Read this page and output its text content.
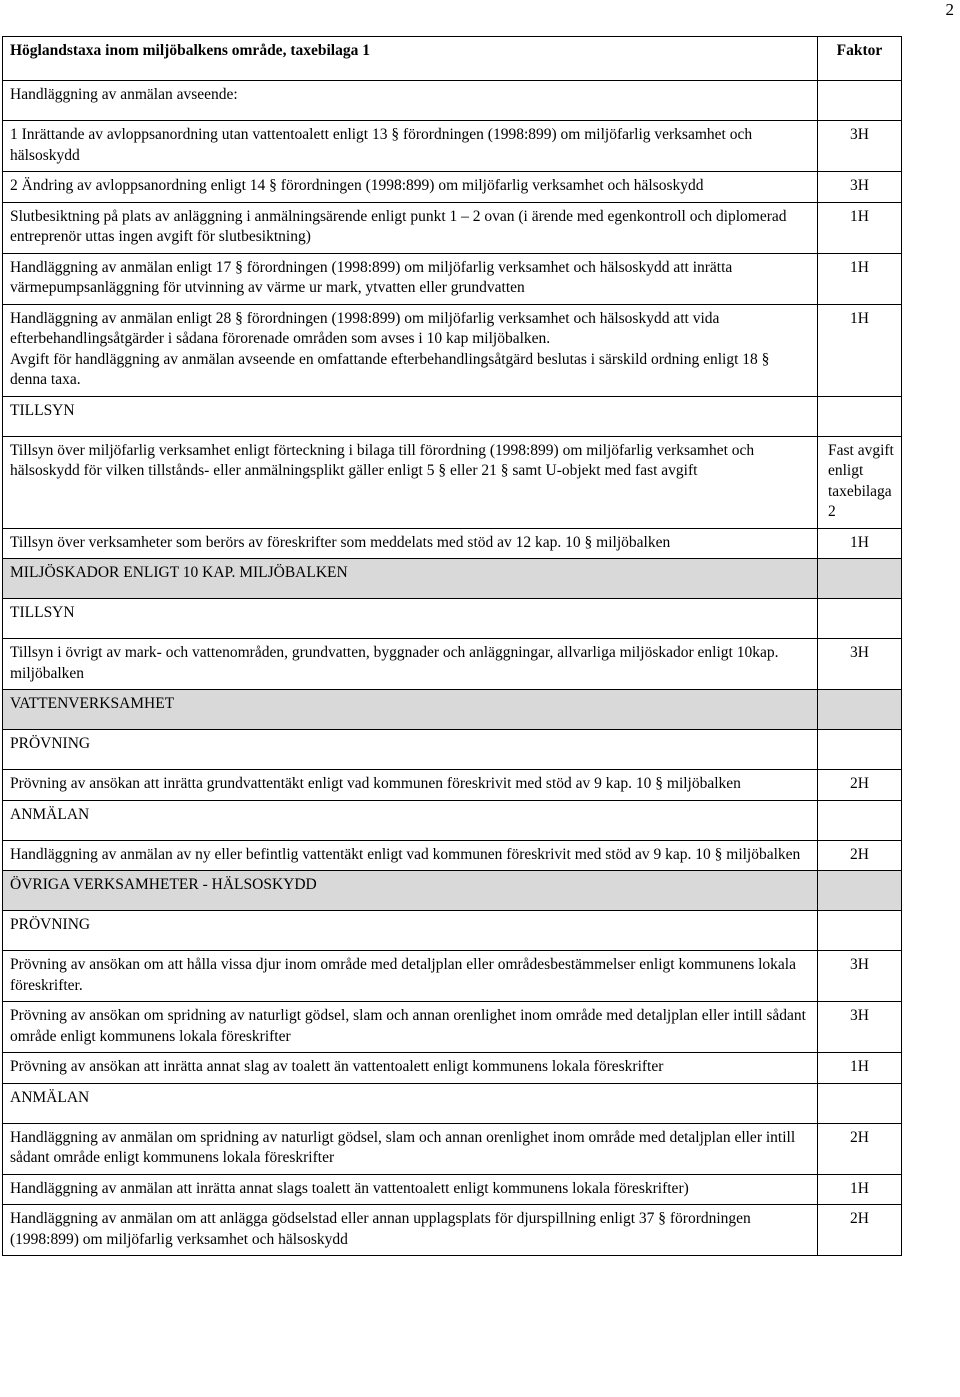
2
Höglandstaxa inom miljöbalkens område, taxebilaga 1	Faktor
Handläggning av anmälan avseende:	
1 Inrättande av avloppsanordning utan vattentoalett enligt 13 § förordningen (1998:899) om miljöfarlig verksamhet och hälsoskydd	3H
2 Ändring av avloppsanordning enligt 14 § förordningen (1998:899) om miljöfarlig verksamhet och hälsoskydd	3H
Slutbesiktning på plats av anläggning i anmälningsärende enligt punkt 1 – 2 ovan (i ärende med egenkontroll och diplomerad entreprenör uttas ingen avgift för slutbesiktning)	1H
Handläggning av anmälan enligt 17 § förordningen (1998:899) om miljöfarlig verksamhet och hälsoskydd att inrätta värmepumpsanläggning för utvinning av värme ur mark, ytvatten eller grundvatten	1H
Handläggning av anmälan enligt 28 § förordningen (1998:899) om miljöfarlig verksamhet och hälsoskydd att vida efterbehandlingsåtgärder i sådana förorenade områden som avses i 10 kap miljöbalken.
Avgift för handläggning av anmälan avseende en omfattande efterbehandlingsåtgärd beslutas i särskild ordning enligt 18 § denna taxa.	1H
TILLSYN	
Tillsyn över miljöfarlig verksamhet enligt förteckning i bilaga till förordning (1998:899) om miljöfarlig verksamhet och hälsoskydd för vilken tillstånds- eller anmälningsplikt gäller enligt 5 § eller 21 § samt U-objekt med fast avgift	Fast avgift enligt taxebilaga 2
Tillsyn över verksamheter som berörs av föreskrifter som meddelats med stöd av 12 kap. 10 § miljöbalken	1H
MILJÖSKADOR ENLIGT 10 KAP. MILJÖBALKEN	
TILLSYN	
Tillsyn i övrigt av mark- och vattenområden, grundvatten, byggnader och anläggningar, allvarliga miljöskador enligt 10kap. miljöbalken	3H
VATTENVERKSAMHET	
PRÖVNING	
Prövning av ansökan att inrätta grundvattentäkt enligt vad kommunen föreskrivit med stöd av 9 kap. 10 § miljöbalken	2H
ANMÄLAN	
Handläggning av anmälan av ny eller befintlig vattentäkt enligt vad kommunen föreskrivit med stöd av 9 kap. 10 § miljöbalken	2H
ÖVRIGA VERKSAMHETER - HÄLSOSKYDD	
PRÖVNING	
Prövning av ansökan om att hålla vissa djur inom område med detaljplan eller områdesbestämmelser enligt kommunens lokala föreskrifter.	3H
Prövning av ansökan om spridning av naturligt gödsel, slam och annan orenlighet inom område med detaljplan eller intill sådant område enligt kommunens lokala föreskrifter	3H
Prövning av ansökan att inrätta annat slag av toalett än vattentoalett enligt kommunens lokala föreskrifter	1H
ANMÄLAN	
Handläggning av anmälan om spridning av naturligt gödsel, slam och annan orenlighet inom område med detaljplan eller intill sådant område enligt kommunens lokala föreskrifter	2H
Handläggning av anmälan att inrätta annat slags toalett än vattentoalett enligt kommunens lokala föreskrifter)	1H
Handläggning av anmälan om att anlägga gödselstad eller annan upplagsplats för djurspillning enligt 37 § förordningen (1998:899) om miljöfarlig verksamhet och hälsoskydd	2H
